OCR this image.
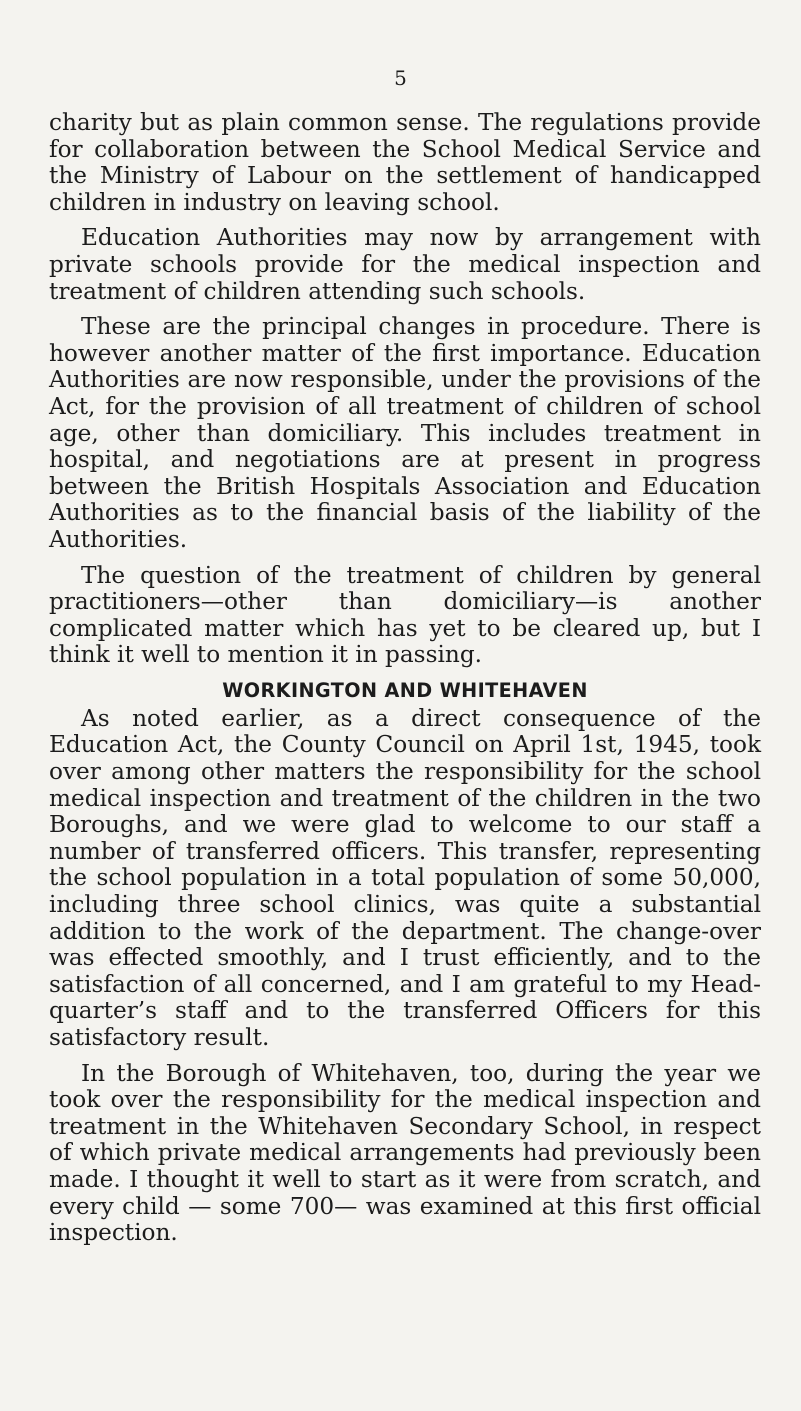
5

charity but as plain common sense. The regulations provide for collaboration between the School Medical Service and the Ministry of Labour on the settlement of handicapped children in industry on leaving school.

Education Authorities may now by arrangement with private schools provide for the medical inspection and treatment of children attending such schools.

These are the principal changes in procedure. There is however another matter of the first importance. Education Authorities are now responsible, under the provisions of the Act, for the provision of all treatment of children of school age, other than domiciliary. This includes treatment in hospital, and negotiations are at present in progress between the British Hospitals Association and Education Authorities as to the financial basis of the liability of the Authorities.

The question of the treatment of children by general practitioners—other than domiciliary—is another complicated matter which has yet to be cleared up, but I think it well to mention it in passing.

WORKINGTON AND WHITEHAVEN

As noted earlier, as a direct consequence of the Education Act, the County Council on April 1st, 1945, took over among other matters the responsibility for the school medical inspection and treatment of the children in the two Boroughs, and we were glad to welcome to our staff a number of transferred officers. This transfer, representing the school population in a total population of some 50,000, including three school clinics, was quite a substantial addition to the work of the department. The change-over was effected smoothly, and I trust efficiently, and to the satisfaction of all concerned, and I am grateful to my Headquarter’s staff and to the transferred Officers for this satisfactory result.

In the Borough of Whitehaven, too, during the year we took over the responsibility for the medical inspection and treatment in the Whitehaven Secondary School, in respect of which private medical arrangements had previously been made. I thought it well to start as it were from scratch, and every child — some 700— was examined at this first official inspection.
